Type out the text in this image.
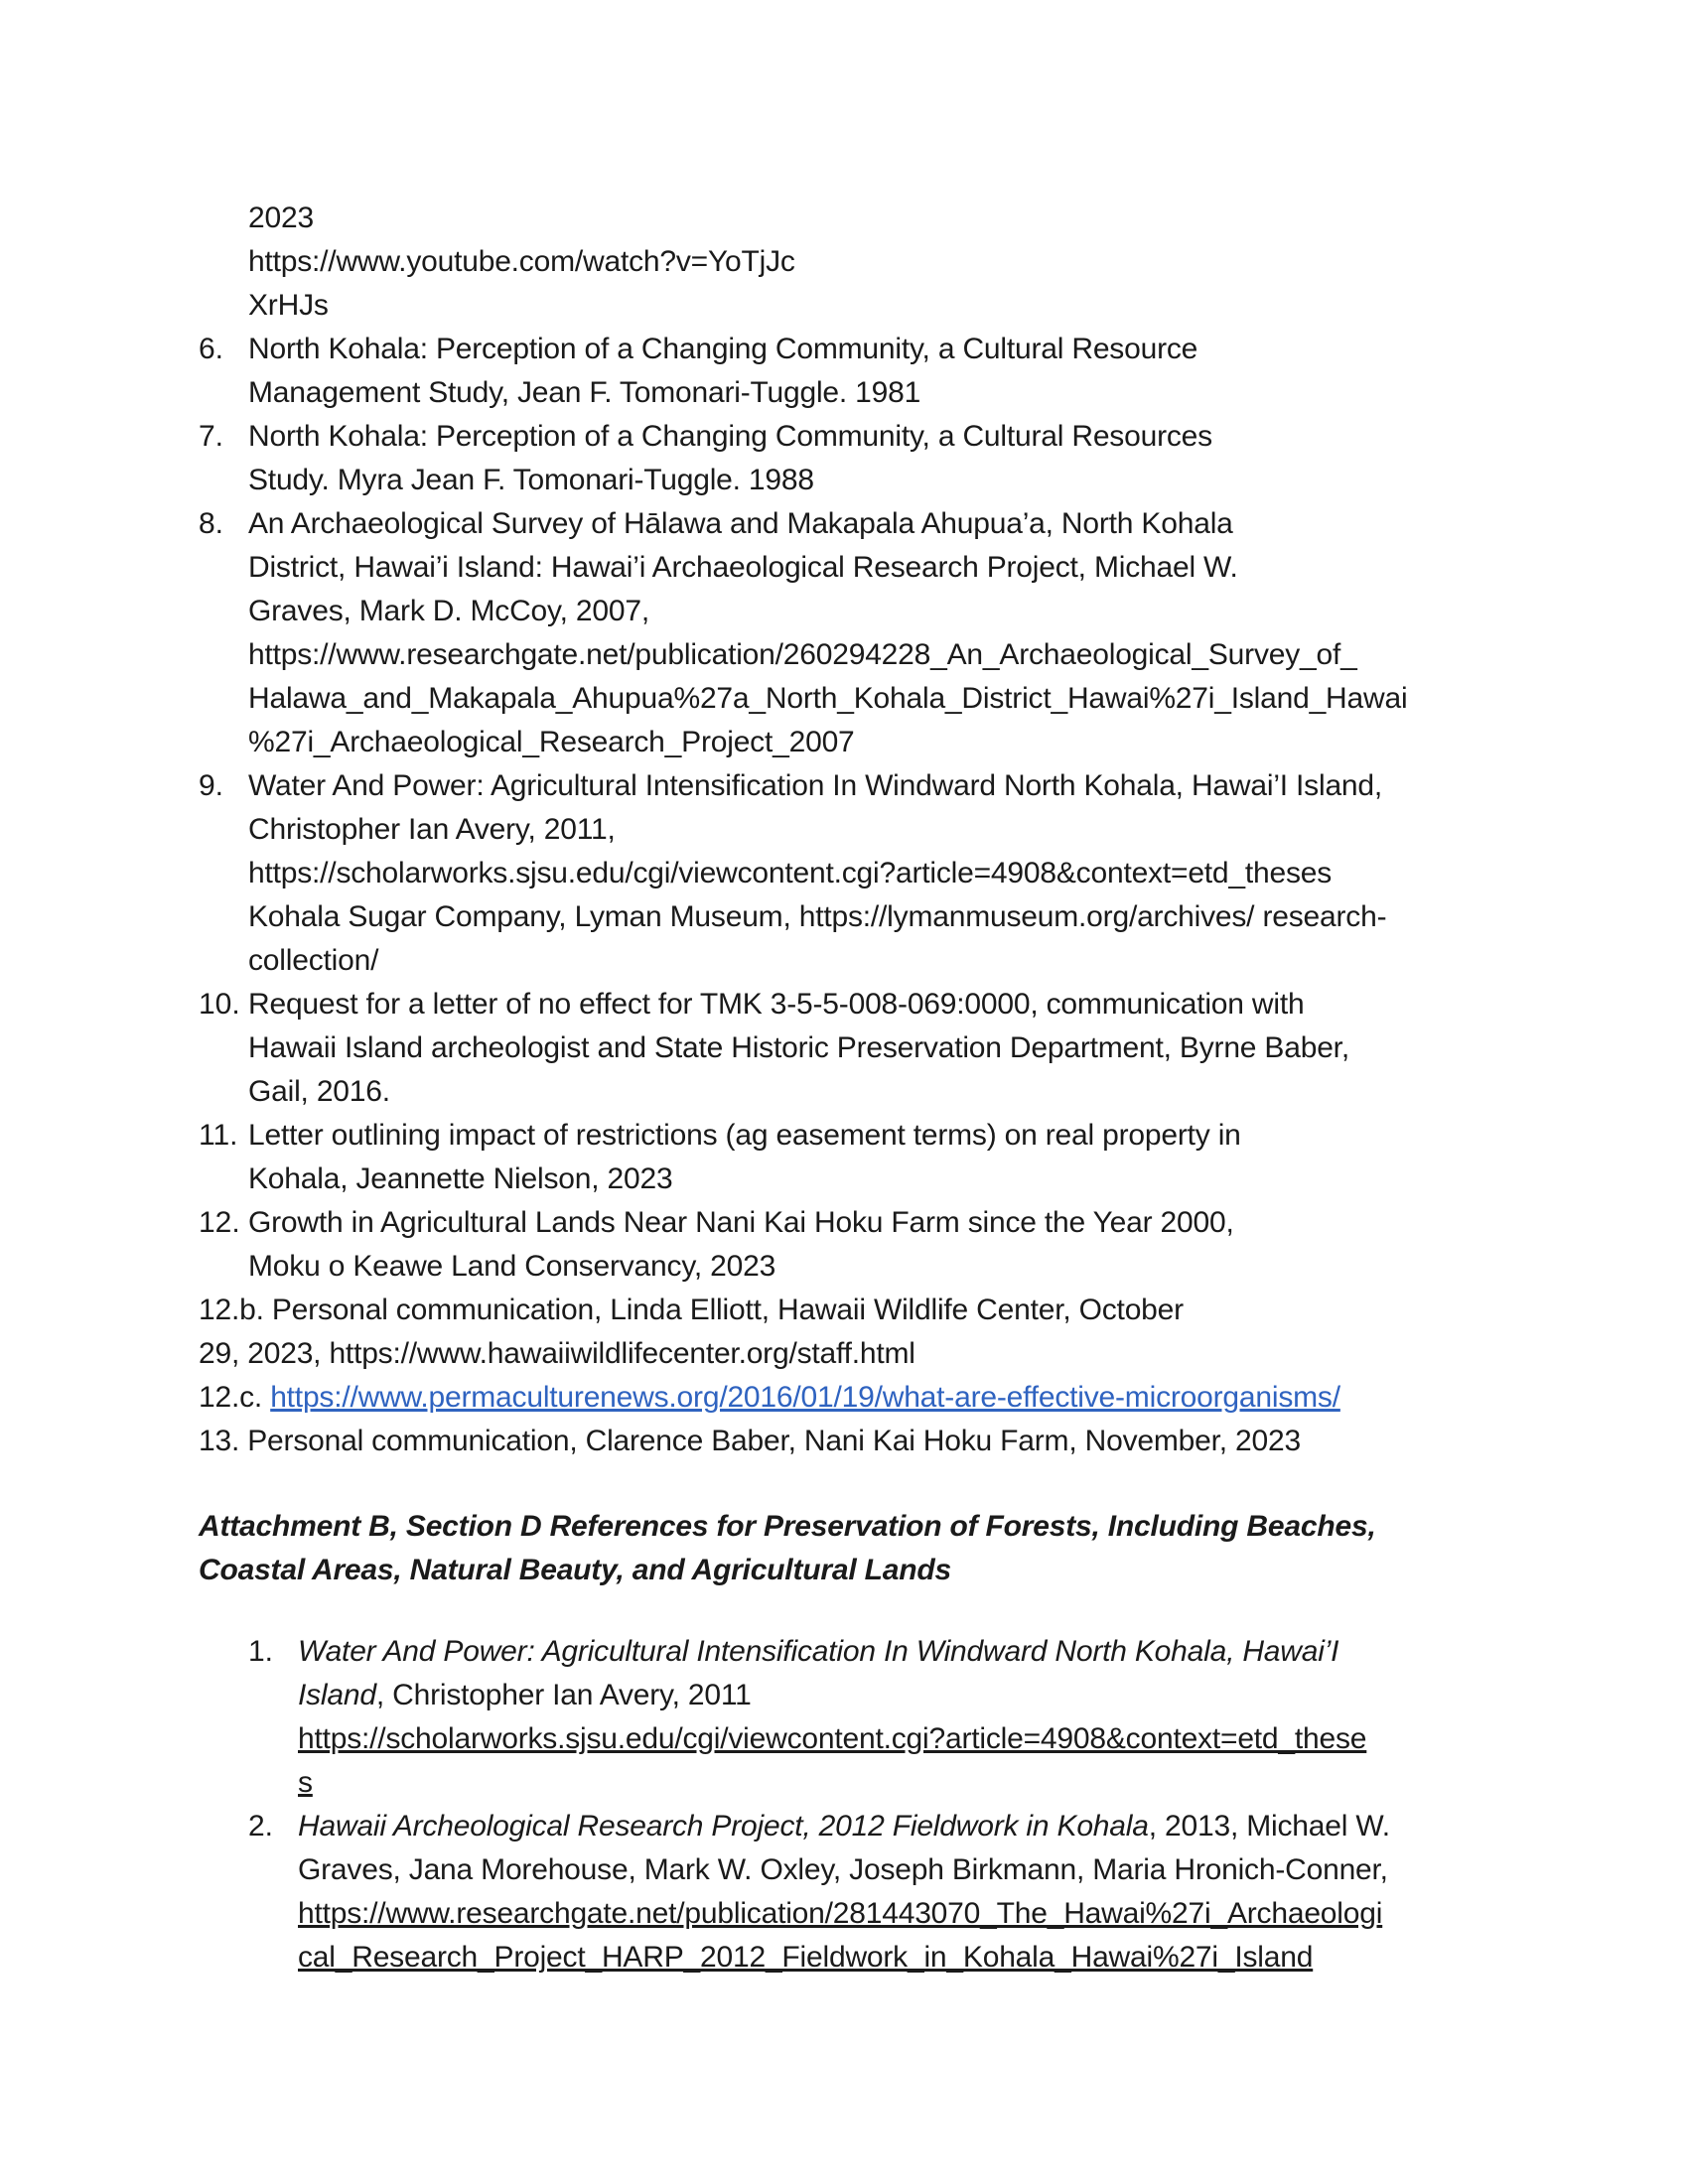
2023
https://www.youtube.com/watch?v=YoTjJc
XrHJs
6. North Kohala: Perception of a Changing Community, a Cultural Resource
Management Study, Jean F. Tomonari-Tuggle. 1981
7. North Kohala: Perception of a Changing Community, a Cultural Resources
Study. Myra Jean F. Tomonari-Tuggle. 1988
8. An Archaeological Survey of Hālawa and Makapala Ahupua’a, North Kohala
District, Hawai’i Island: Hawai’i Archaeological Research Project, Michael W.
Graves, Mark D. McCoy, 2007,
https://www.researchgate.net/publication/260294228_An_Archaeological_Survey_of_
Halawa_and_Makapala_Ahupua%27a_North_Kohala_District_Hawai%27i_Island_Hawai
%27i_Archaeological_Research_Project_2007
9. Water And Power: Agricultural Intensification In Windward North Kohala, Hawai’I Island,
Christopher Ian Avery, 2011,
https://scholarworks.sjsu.edu/cgi/viewcontent.cgi?article=4908&context=etd_theses
Kohala Sugar Company, Lyman Museum, https://lymanmuseum.org/archives/ research-
collection/
10. Request for a letter of no effect for TMK 3-5-5-008-069:0000, communication with
Hawaii Island archeologist and State Historic Preservation Department, Byrne Baber,
Gail, 2016.
11. Letter outlining impact of restrictions (ag easement terms) on real property in
Kohala, Jeannette Nielson, 2023
12. Growth in Agricultural Lands Near Nani Kai Hoku Farm since the Year 2000,
Moku o Keawe Land Conservancy, 2023
12.b. Personal communication, Linda Elliott, Hawaii Wildlife Center, October
29, 2023, https://www.hawaiiwildlifecenter.org/staff.html
12.c. https://www.permaculturenews.org/2016/01/19/what-are-effective-microorganisms/
13. Personal communication, Clarence Baber, Nani Kai Hoku Farm, November, 2023
Attachment B, Section D References for Preservation of Forests, Including Beaches,
Coastal Areas, Natural Beauty, and Agricultural Lands
1. Water And Power: Agricultural Intensification In Windward North Kohala, Hawai’I
Island, Christopher Ian Avery, 2011
https://scholarworks.sjsu.edu/cgi/viewcontent.cgi?article=4908&context=etd_these
s
2. Hawaii Archeological Research Project, 2012 Fieldwork in Kohala, 2013, Michael W.
Graves, Jana Morehouse, Mark W. Oxley, Joseph Birkmann, Maria Hronich-Conner,
https://www.researchgate.net/publication/281443070_The_Hawai%27i_Archaeologi
cal_Research_Project_HARP_2012_Fieldwork_in_Kohala_Hawai%27i_Island
